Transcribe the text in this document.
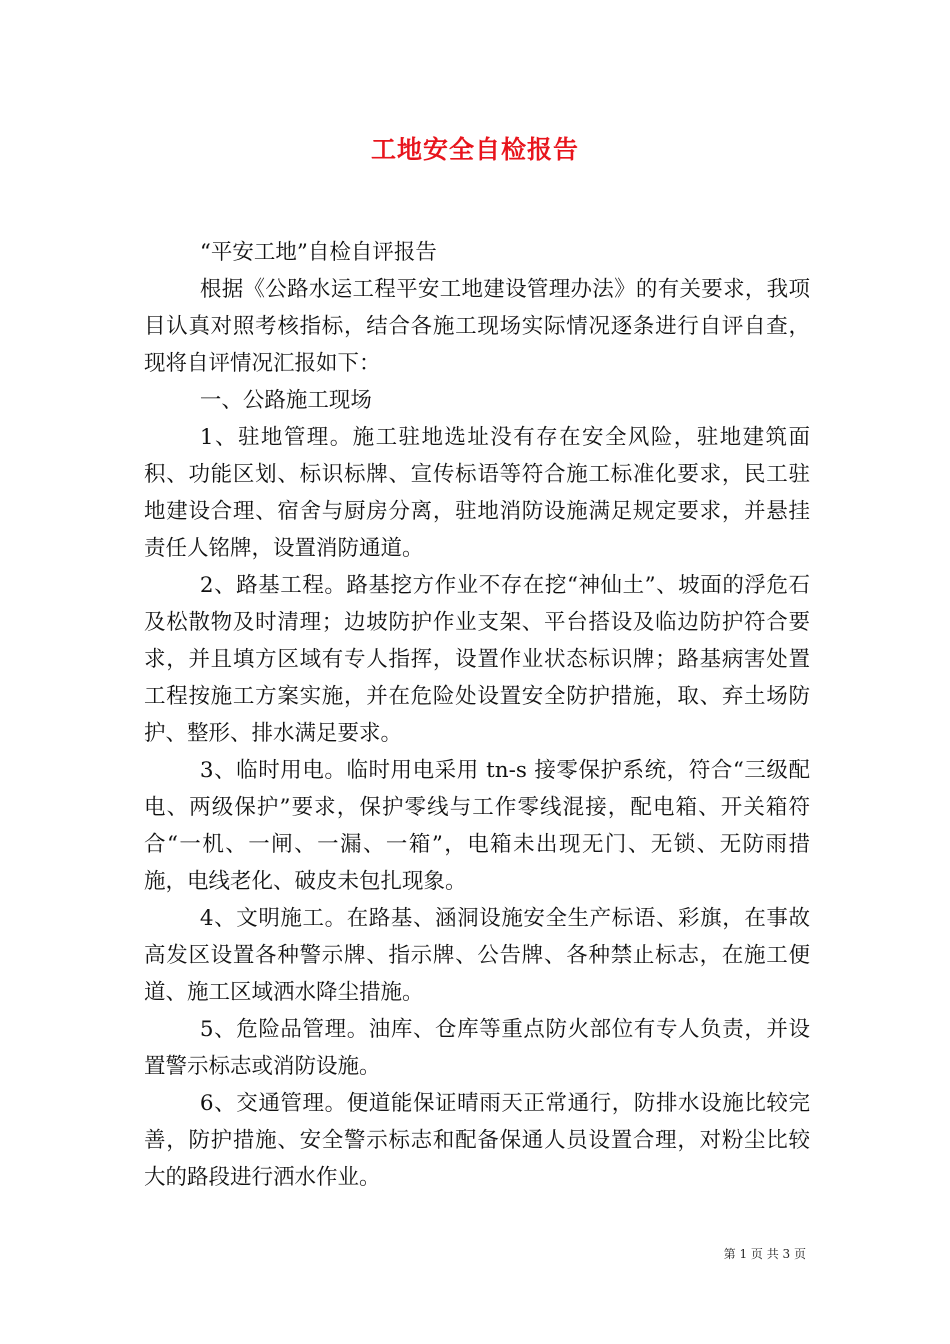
工地安全自检报告

“平安工地”自检自评报告

根据《公路水运工程平安工地建设管理办法》的有关要求，我项目认真对照考核指标，结合各施工现场实际情况逐条进行自评自查，现将自评情况汇报如下：

一、公路施工现场

1、驻地管理。施工驻地选址没有存在安全风险，驻地建筑面积、功能区划、标识标牌、宣传标语等符合施工标准化要求，民工驻地建设合理、宿舍与厨房分离，驻地消防设施满足规定要求，并悬挂责任人铭牌，设置消防通道。

2、路基工程。路基挖方作业不存在挖“神仙土”、坡面的浮危石及松散物及时清理；边坡防护作业支架、平台搭设及临边防护符合要求，并且填方区域有专人指挥，设置作业状态标识牌；路基病害处置工程按施工方案实施，并在危险处设置安全防护措施，取、弃土场防护、整形、排水满足要求。

3、临时用电。临时用电采用 tn-s 接零保护系统，符合“三级配电、两级保护”要求，保护零线与工作零线混接，配电箱、开关箱符合“一机、一闸、一漏、一箱”，电箱未出现无门、无锁、无防雨措施，电线老化、破皮未包扎现象。

4、文明施工。在路基、涵洞设施安全生产标语、彩旗，在事故高发区设置各种警示牌、指示牌、公告牌、各种禁止标志，在施工便道、施工区域洒水降尘措施。

5、危险品管理。油库、仓库等重点防火部位有专人负责，并设置警示标志或消防设施。

6、交通管理。便道能保证晴雨天正常通行，防排水设施比较完善，防护措施、安全警示标志和配备保通人员设置合理，对粉尘比较大的路段进行洒水作业。

第 1 页 共 3 页
